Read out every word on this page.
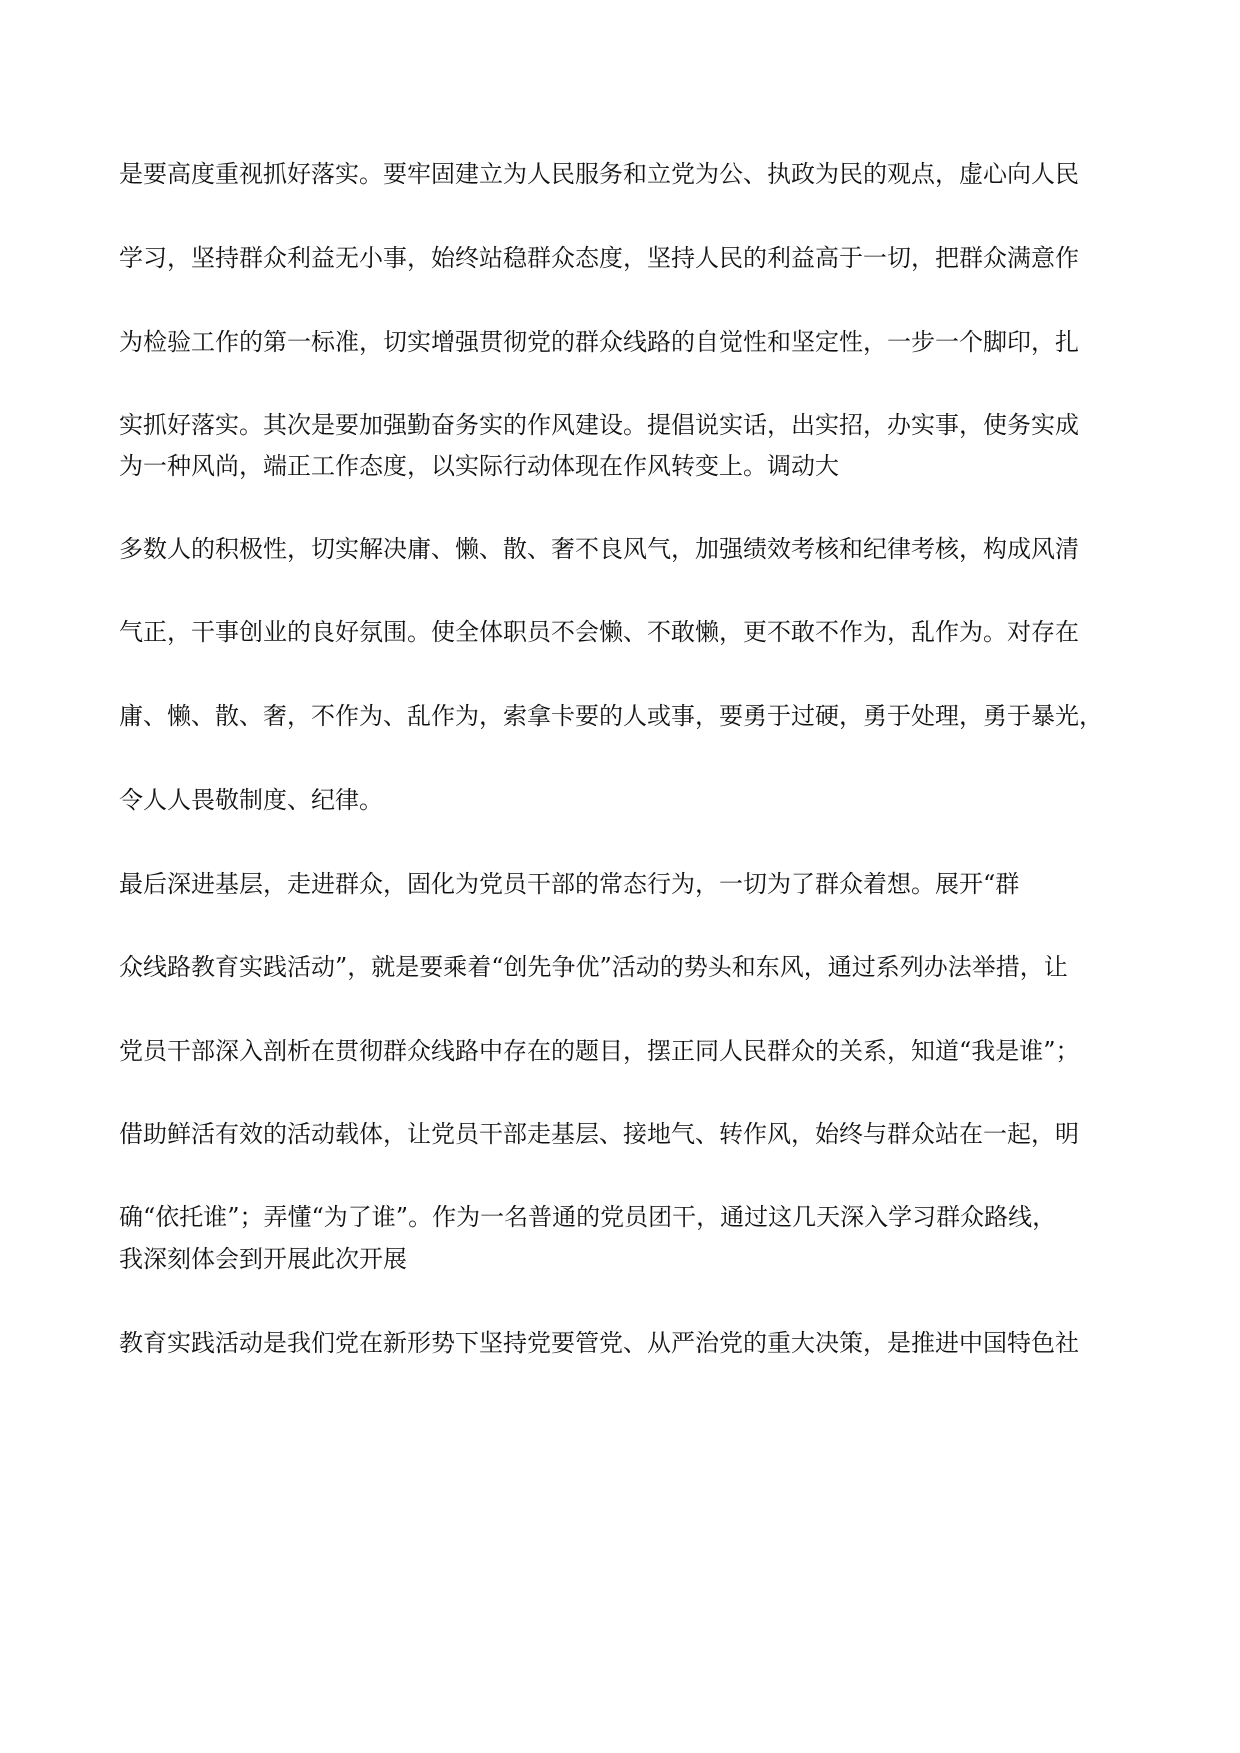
是要高度重视抓好落实。要牢固建立为人民服务和立党为公、执政为民的观点，虚心向人民
学习，坚持群众利益无小事，始终站稳群众态度，坚持人民的利益高于一切，把群众满意作
为检验工作的第一标准，切实增强贯彻党的群众线路的自觉性和坚定性，一步一个脚印，扎
实抓好落实。其次是要加强勤奋务实的作风建设。提倡说实话，出实招，办实事，使务实成
为一种风尚，端正工作态度，以实际行动体现在作风转变上。调动大
多数人的积极性，切实解决庸、懒、散、奢不良风气，加强绩效考核和纪律考核，构成风清
气正，干事创业的良好氛围。使全体职员不会懒、不敢懒，更不敢不作为，乱作为。对存在
庸、懒、散、奢，不作为、乱作为，索拿卡要的人或事，要勇于过硬，勇于处理，勇于暴光，
令人人畏敬制度、纪律。
最后深进基层，走进群众，固化为党员干部的常态行为，一切为了群众着想。展开“群
众线路教育实践活动”，就是要乘着“创先争优”活动的势头和东风，通过系列办法举措，让
党员干部深入剖析在贯彻群众线路中存在的题目，摆正同人民群众的关系，知道“我是谁”；
借助鲜活有效的活动载体，让党员干部走基层、接地气、转作风，始终与群众站在一起，明
确“依托谁”；弄懂“为了谁”。作为一名普通的党员团干，通过这几天深入学习群众路线，
我深刻体会到开展此次开展
教育实践活动是我们党在新形势下坚持党要管党、从严治党的重大决策，是推进中国特色社
